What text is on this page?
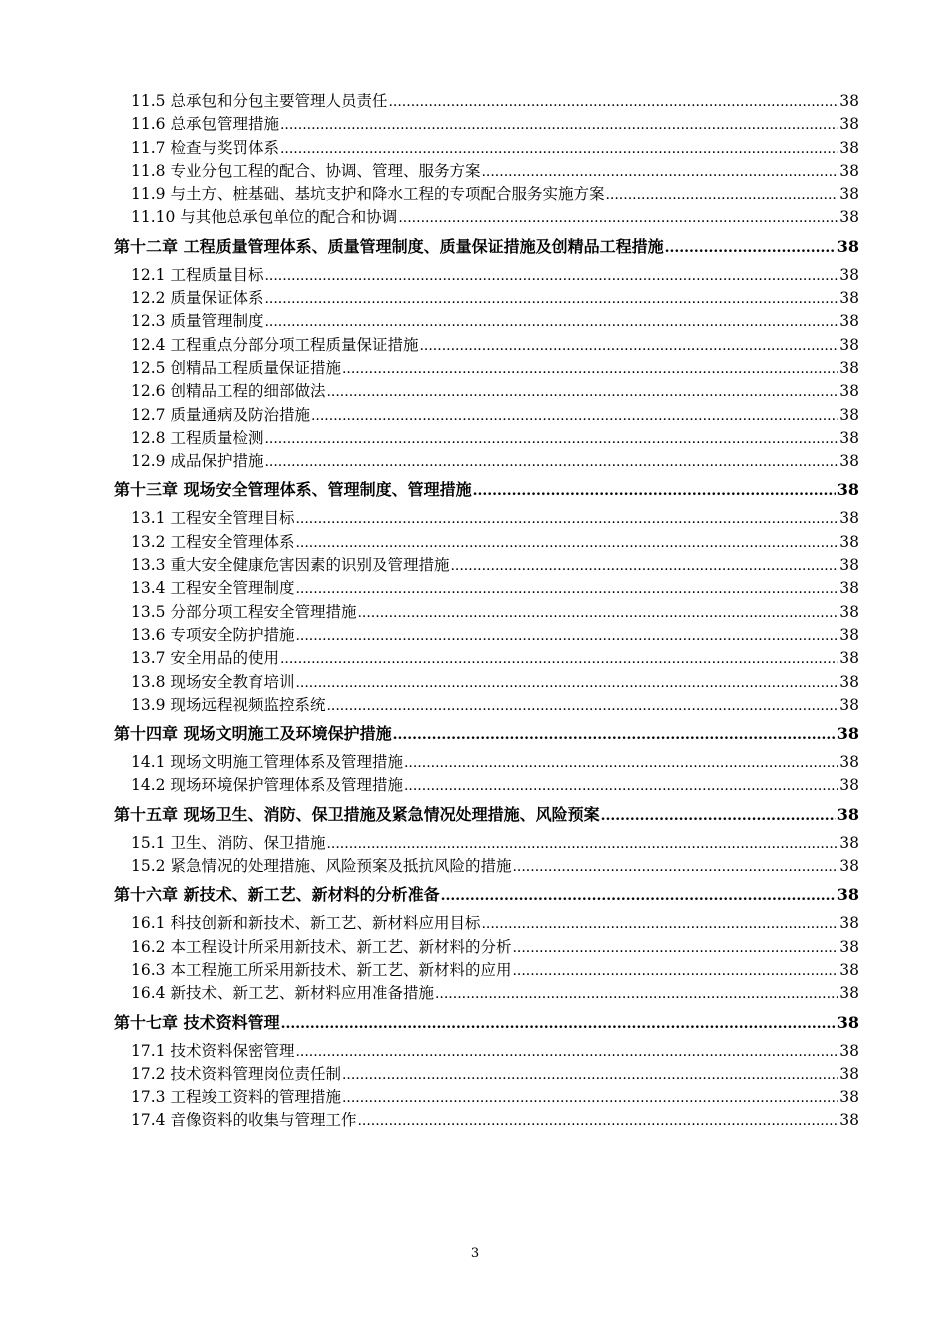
11.5 总承包和分包主要管理人员责任 .....	38
11.6 总承包管理措施 .....	38
11.7 检查与奖罚体系 .....	38
11.8 专业分包工程的配合、协调、管理、服务方案 .....	38
11.9 与土方、桩基础、基坑支护和降水工程的专项配合服务实施方案 .....	38
11.10 与其他总承包单位的配合和协调 .....	38
第十二章 工程质量管理体系、质量管理制度、质量保证措施及创精品工程措施 .....	38
12.1 工程质量目标 .....	38
12.2 质量保证体系 .....	38
12.3 质量管理制度 .....	38
12.4 工程重点分部分项工程质量保证措施 .....	38
12.5 创精品工程质量保证措施 .....	38
12.6 创精品工程的细部做法 .....	38
12.7 质量通病及防治措施 .....	38
12.8 工程质量检测 .....	38
12.9 成品保护措施 .....	38
第十三章 现场安全管理体系、管理制度、管理措施 .....	38
13.1 工程安全管理目标 .....	38
13.2 工程安全管理体系 .....	38
13.3 重大安全健康危害因素的识别及管理措施 .....	38
13.4 工程安全管理制度 .....	38
13.5 分部分项工程安全管理措施 .....	38
13.6 专项安全防护措施 .....	38
13.7 安全用品的使用 .....	38
13.8 现场安全教育培训 .....	38
13.9 现场远程视频监控系统 .....	38
第十四章 现场文明施工及环境保护措施 .....	38
14.1 现场文明施工管理体系及管理措施 .....	38
14.2 现场环境保护管理体系及管理措施 .....	38
第十五章 现场卫生、消防、保卫措施及紧急情况处理措施、风险预案 .....	38
15.1 卫生、消防、保卫措施 .....	38
15.2 紧急情况的处理措施、风险预案及抵抗风险的措施 .....	38
第十六章 新技术、新工艺、新材料的分析准备 .....	38
16.1 科技创新和新技术、新工艺、新材料应用目标 .....	38
16.2 本工程设计所采用新技术、新工艺、新材料的分析 .....	38
16.3 本工程施工所采用新技术、新工艺、新材料的应用 .....	38
16.4 新技术、新工艺、新材料应用准备措施 .....	38
第十七章 技术资料管理 .....	38
17.1 技术资料保密管理 .....	38
17.2 技术资料管理岗位责任制 .....	38
17.3 工程竣工资料的管理措施 .....	38
17.4 音像资料的收集与管理工作 .....	38
3
